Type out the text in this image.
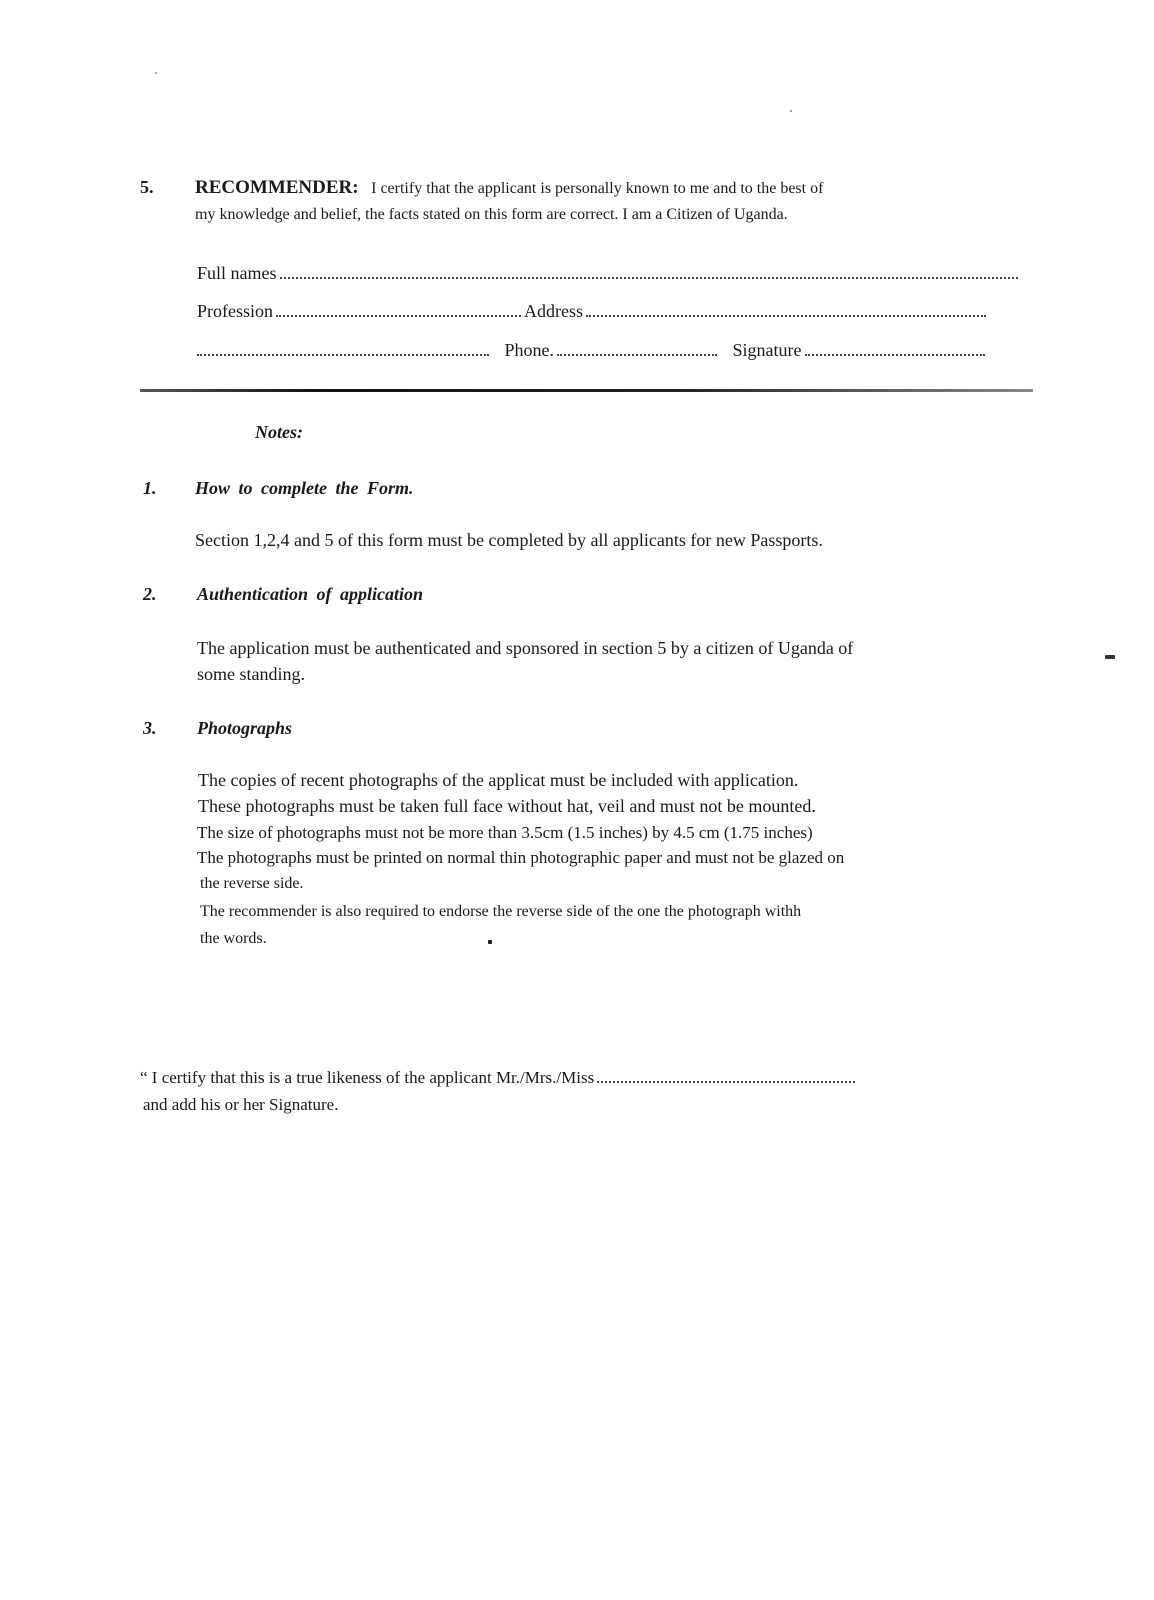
5. RECOMMENDER: I certify that the applicant is personally known to me and to the best of
my knowledge and belief, the facts stated on this form are correct. I am a Citizen of Uganda.
Full names
Profession	Address
Phone.	Signature
Notes:
1. How to complete the Form.
Section 1,2,4 and 5 of this form must be completed by all applicants for new Passports.
2. Authentication of application
The application must be authenticated and sponsored in section 5 by a citizen of Uganda of
some standing.
3. Photographs
The copies of recent photographs of the applicat must be included with application.
These photographs must be taken full face without hat, veil and must not be mounted.
The size of photographs must not be more than 3.5cm (1.5 inches) by 4.5 cm (1.75 inches)
The photographs must be printed on normal thin photographic paper and must not be glazed on
the reverse side.
The recommender is also required to endorse the reverse side of the one the photograph withh
the words.
“ I certify that this is a true likeness of the applicant Mr./Mrs./Miss
and add his or her Signature.
